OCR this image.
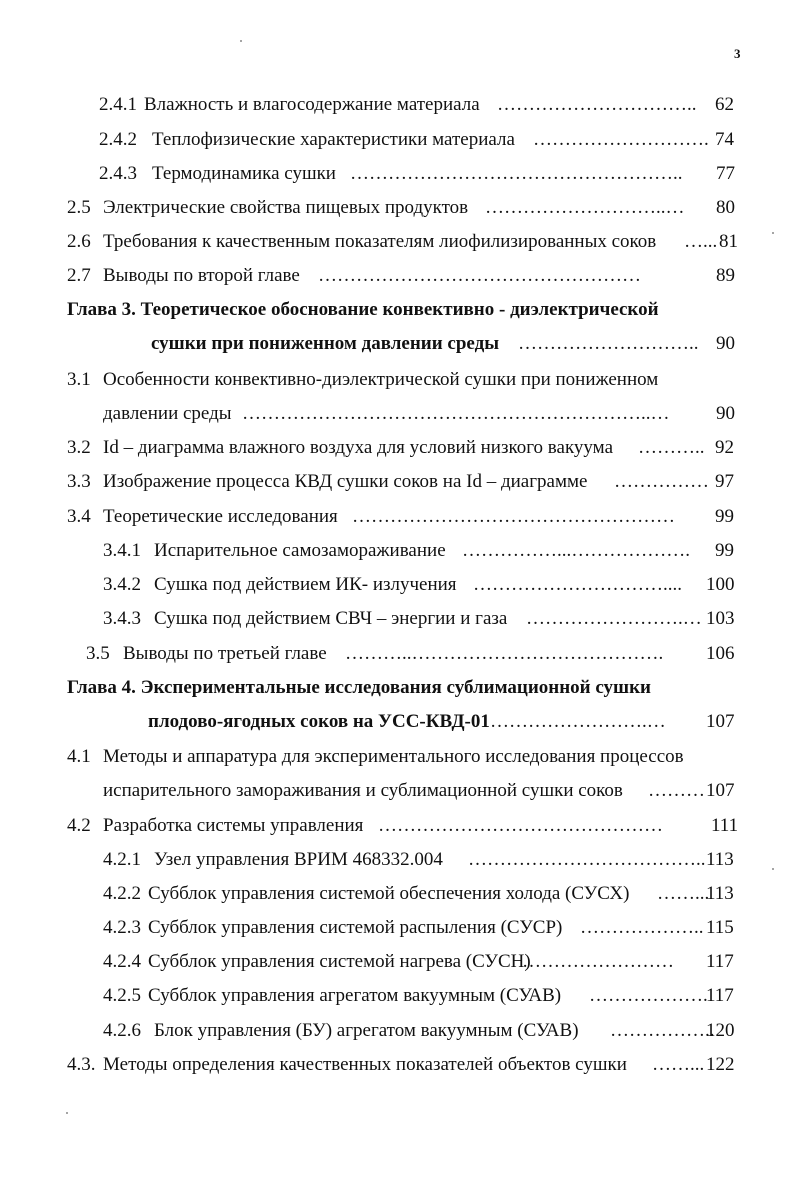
3
2.4.1 Влажность и влагосодержание материала ………………………….. 62
2.4.2 Теплофизические характеристики материала ………………………. 74
2.4.3 Термодинамика сушки …………………………………………….. 77
2.5 Электрические свойства пищевых продуктов ………………………..… 80
2.6 Требования к качественным показателям лиофилизированных соков …... 81
2.7 Выводы по второй главе ……………………………………………	89
Глава 3. Теоретическое обоснование конвективно - диэлектрической
сушки при пониженном давлении среды ……………………….. 90
3.1 Особенности конвективно-диэлектрической сушки при пониженном
давлении среды ………………………………………………………..… 90
3.2 Id – диаграмма влажного воздуха для условий низкого вакуума ……….. 92
3.3 Изображение процесса КВД сушки соков на Id – диаграмме …………… 97
3.4 Теоретические исследования …………………………………………… 99
3.4.1 Испарительное самозамораживание ……………...………………. 99
3.4.2 Сушка под действием ИК- излучения ………………………….... 100
3.4.3 Сушка под действием СВЧ – энергии и газа …………………….… 103
3.5 Выводы по третьей главе ………..…………………………………. 106
Глава 4. Экспериментальные исследования сублимационной сушки
плодово-ягодных соков на УСС-КВД-01 …………………….… 107
4.1 Методы и аппаратура для экспериментального исследования процессов
испарительного замораживания и сублимационной сушки соков ……… 107
4.2 Разработка системы управления ………………………………………	111
4.2.1 Узел управления ВРИМ 468332.004 ……………………………….. 113
4.2.2 Субблок управления системой обеспечения холода (СУСХ) ……...
113
4.2.3 Субблок управления системой распыления (СУСР) ……………….. 115
4.2.4 Субблок управления системой нагрева (СУСН)
…………………… 117
4.2.5 Субблок управления агрегатом вакуумным (СУАВ) ……………….
117
4.2.6 Блок управления (БУ) агрегатом вакуумным (СУАВ) ……………..
120
4.3. Методы определения качественных показателей объектов сушки ……... 122
